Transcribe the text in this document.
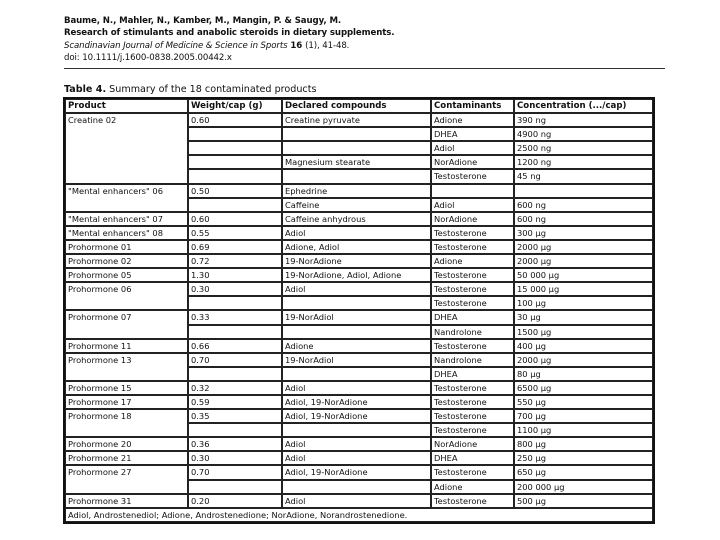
Baume, N., Mahler, N., Kamber, M., Mangin, P. & Saugy, M.
Research of stimulants and anabolic steroids in dietary supplements.
Scandinavian Journal of Medicine & Science in Sports 16 (1), 41-48.
doi: 10.1111/j.1600-0838.2005.00442.x
Table 4. Summary of the 18 contaminated products
Product	Weight/cap (g)	Declared compounds	Contaminants	Concentration (.../cap)
Creatine 02	0.60	Creatine pyruvate	Adione	390 ng
			DHEA	4900 ng
			Adiol	2500 ng
		Magnesium stearate	NorAdione	1200 ng
			Testosterone	45 ng
"Mental enhancers" 06	0.50	Ephedrine		
		Caffeine	Adiol	600 ng
"Mental enhancers" 07	0.60	Caffeine anhydrous	NorAdione	600 ng
"Mental enhancers" 08	0.55	Adiol	Testosterone	300 µg
Prohormone 01	0.69	Adione, Adiol	Testosterone	2000 µg
Prohormone 02	0.72	19-NorAdione	Adione	2000 µg
Prohormone 05	1.30	19-NorAdione, Adiol, Adione	Testosterone	50 000 µg
Prohormone 06	0.30	Adiol	Testosterone	15 000 µg
			Testosterone	100 µg
Prohormone 07	0.33	19-NorAdiol	DHEA	30 µg
			Nandrolone	1500 µg
Prohormone 11	0.66	Adione	Testosterone	400 µg
Prohormone 13	0.70	19-NorAdiol	Nandrolone	2000 µg
			DHEA	80 µg
Prohormone 15	0.32	Adiol	Testosterone	6500 µg
Prohormone 17	0.59	Adiol, 19-NorAdione	Testosterone	550 µg
Prohormone 18	0.35	Adiol, 19-NorAdione	Testosterone	700 µg
			Testosterone	1100 µg
Prohormone 20	0.36	Adiol	NorAdione	800 µg
Prohormone 21	0.30	Adiol	DHEA	250 µg
Prohormone 27	0.70	Adiol, 19-NorAdione	Testosterone	650 µg
			Adione	200 000 µg
Prohormone 31	0.20	Adiol	Testosterone	500 µg
Adiol, Androstenediol; Adione, Androstenedione; NorAdione, Norandrostenedione.				
